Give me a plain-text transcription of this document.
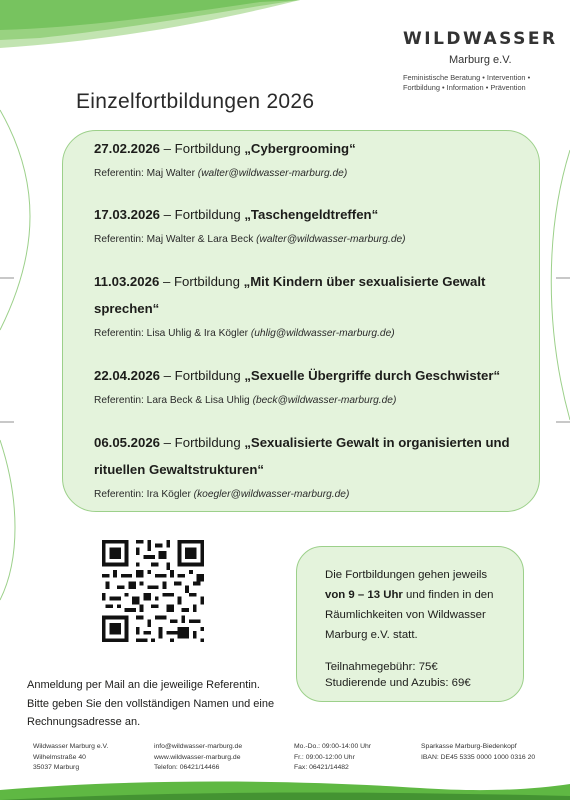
WILDWASSER
Marburg e.V.
Feministische Beratung • Intervention •
Fortbildung • Information • Prävention
Einzelfortbildungen 2026
27.02.2026 – Fortbildung „Cybergrooming“
Referentin: Maj Walter (walter@wildwasser-marburg.de)
17.03.2026 – Fortbildung „Taschengeldtreffen“
Referentin: Maj Walter & Lara Beck (walter@wildwasser-marburg.de)
11.03.2026 – Fortbildung „Mit Kindern über sexualisierte Gewalt sprechen“
Referentin: Lisa Uhlig & Ira Kögler (uhlig@wildwasser-marburg.de)
22.04.2026 – Fortbildung „Sexuelle Übergriffe durch Geschwister“
Referentin: Lara Beck & Lisa Uhlig (beck@wildwasser-marburg.de)
06.05.2026 – Fortbildung „Sexualisierte Gewalt in organisierten und rituellen Gewaltstrukturen“
Referentin: Ira Kögler (koegler@wildwasser-marburg.de)
Die Fortbildungen gehen jeweils
von 9 – 13 Uhr und finden in den
Räumlichkeiten von Wildwasser
Marburg e.V. statt.
Teilnahmegebühr: 75€
Studierende und Azubis: 69€
Anmeldung per Mail an die jeweilige Referentin.
Bitte geben Sie den vollständigen Namen und eine
Rechnungsadresse an.
Wildwasser Marburg e.V.
Wilhelmstraße 40
35037 Marburg
info@wildwasser-marburg.de
www.wildwasser-marburg.de
Telefon: 06421/14466
Mo.-Do.: 09:00-14:00 Uhr
Fr.: 09:00-12:00 Uhr
Fax: 06421/14482
Sparkasse Marburg-Biedenkopf
IBAN: DE45 5335 0000 1000 0316 20
